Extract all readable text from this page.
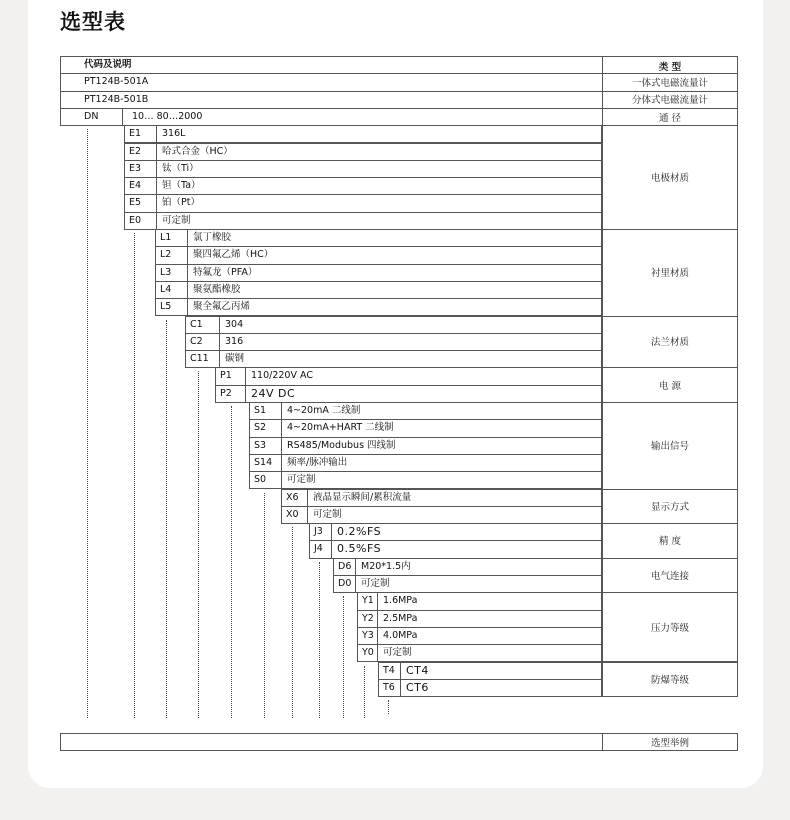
选型表
代码及说明	类 型
PT124B-501A	一体式电磁流量计
PT124B-501B	分体式电磁流量计
DN	10… 80…2000	通 径
E1 316L
E2 哈式合金（HC）
E3 钛（Ti）
E4 钽（Ta）
E5 铂（Pt）
E0 可定制
电极材质
L1 氯丁橡胶
L2 聚四氟乙烯（HC）
L3 特氟龙（PFA）
L4 聚氨酯橡胶
L5 聚全氟乙丙烯
衬里材质
C1 304
C2 316
C11 碳钢
法兰材质
P1 110/220V AC
P2 24V DC
电 源
S1 4~20mA 二线制
S2 4~20mA+HART 二线制
S3 RS485/Modubus 四线制
S14 频率/脉冲输出
S0 可定制
输出信号
X6 液晶显示瞬间/累积流量
X0 可定制
显示方式
J3 0.2%FS
J4 0.5%FS
精 度
D6 M20*1.5内
D0 可定制
电气连接
Y1 1.6MPa
Y2 2.5MPa
Y3 4.0MPa
Y0 可定制
压力等级
T4 CT4
T6 CT6
防爆等级
选型举例
